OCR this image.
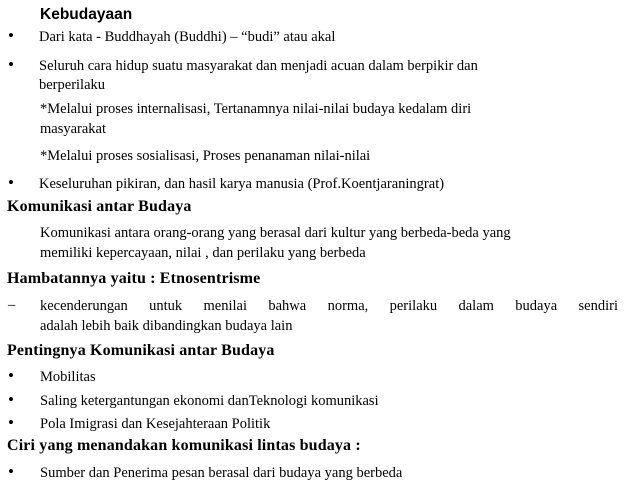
Kebudayaan
• Dari kata - Buddhayah (Buddhi) – “budi” atau akal
• Seluruh cara hidup suatu masyarakat dan menjadi acuan dalam berpikir dan
berperilaku
*Melalui proses internalisasi, Tertanamnya nilai-nilai budaya kedalam diri
masyarakat
*Melalui proses sosialisasi, Proses penanaman nilai-nilai
• Keseluruhan pikiran, dan hasil karya manusia (Prof.Koentjaraningrat)
Komunikasi antar Budaya
Komunikasi antara orang-orang yang berasal dari kultur yang berbeda-beda yang
memiliki kepercayaan, nilai , dan perilaku yang berbeda
Hambatannya yaitu : Etnosentrisme
– kecenderungan untuk menilai bahwa norma, perilaku dalam budaya sendiri
adalah lebih baik dibandingkan budaya lain
Pentingnya Komunikasi antar Budaya
• Mobilitas
• Saling ketergantungan ekonomi danTeknologi komunikasi
• Pola Imigrasi dan Kesejahteraan Politik
Ciri yang menandakan komunikasi lintas budaya :
• Sumber dan Penerima pesan berasal dari budaya yang berbeda
